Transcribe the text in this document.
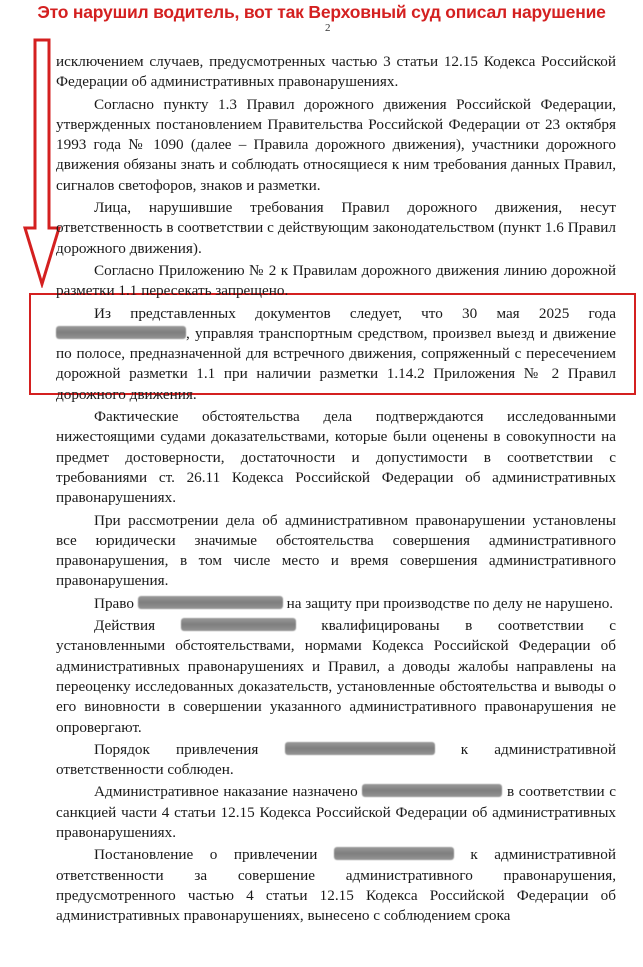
Это нарушил водитель, вот так Верховный суд описал нарушение
2

исключением случаев, предусмотренных частью 3 статьи 12.15 Кодекса Российской Федерации об административных правонарушениях.

Согласно пункту 1.3 Правил дорожного движения Российской Федерации, утвержденных постановлением Правительства Российской Федерации от 23 октября 1993 года № 1090 (далее – Правила дорожного движения), участники дорожного движения обязаны знать и соблюдать относящиеся к ним требования данных Правил, сигналов светофоров, знаков и разметки.

Лица, нарушившие требования Правил дорожного движения, несут ответственность в соответствии с действующим законодательством (пункт 1.6 Правил дорожного движения).

Согласно Приложению № 2 к Правилам дорожного движения линию дорожной разметки 1.1 пересекать запрещено.

Из представленных документов следует, что 30 мая 2025 года , управляя транспортным средством, произвел выезд и движение по полосе, предназначенной для встречного движения, сопряженный с пересечением дорожной разметки 1.1 при наличии разметки 1.14.2 Приложения № 2 Правил дорожного движения.

Фактические обстоятельства дела подтверждаются исследованными нижестоящими судами доказательствами, которые были оценены в совокупности на предмет достоверности, достаточности и допустимости в соответствии с требованиями ст. 26.11 Кодекса Российской Федерации об административных правонарушениях.

При рассмотрении дела об административном правонарушении установлены все юридически значимые обстоятельства совершения административного правонарушения, в том числе место и время совершения административного правонарушения.

Право	на защиту при производстве по делу не нарушено.

Действия	квалифицированы в соответствии с установленными обстоятельствами, нормами Кодекса Российской Федерации об административных правонарушениях и Правил, а доводы жалобы направлены на переоценку исследованных доказательств, установленные обстоятельства и выводы о его виновности в совершении указанного административного правонарушения не опровергают.

Порядок привлечения	к административной ответственности соблюден.

Административное наказание назначено	в соответствии с санкцией части 4 статьи 12.15 Кодекса Российской Федерации об административных правонарушениях.

Постановление о привлечении	к административной ответственности за совершение административного правонарушения, предусмотренного частью 4 статьи 12.15 Кодекса Российской Федерации об административных правонарушениях, вынесено с соблюдением срока
